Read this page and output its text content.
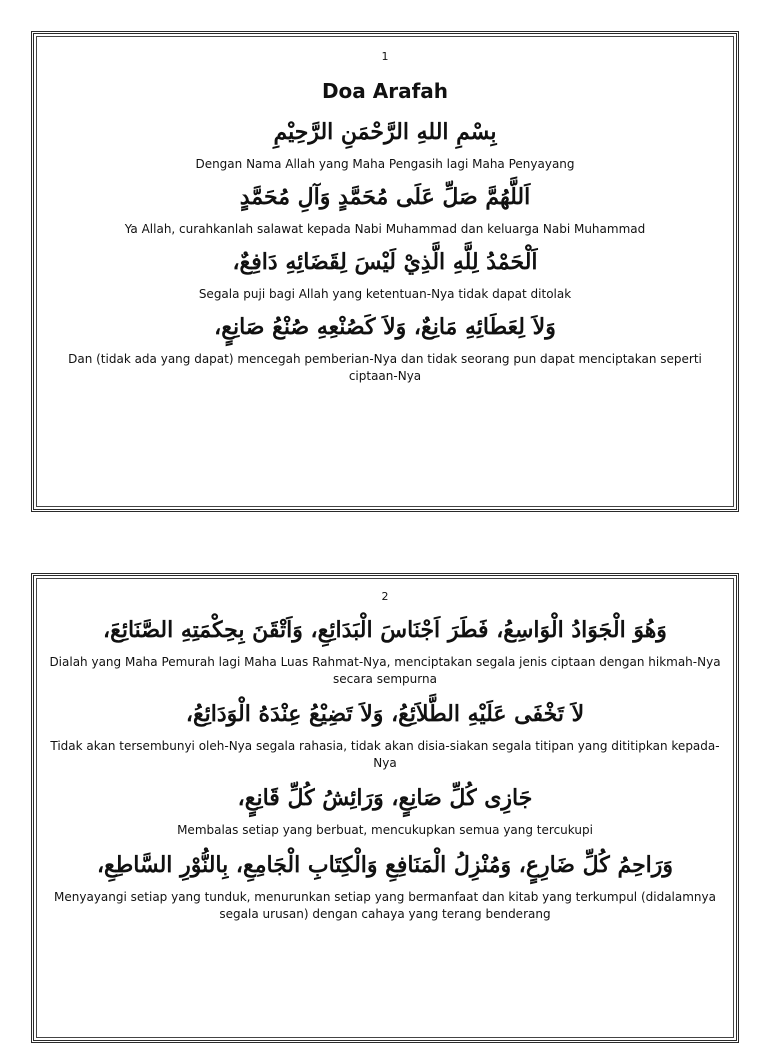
1
Doa Arafah

بِسْمِ اللهِ الرَّحْمَنِ الرَّحِيْمِ

Dengan Nama Allah yang Maha Pengasih lagi Maha Penyayang

اَللَّهُمَّ صَلِّ عَلَى مُحَمَّدٍ وَآلِ مُحَمَّدٍ

Ya Allah, curahkanlah salawat kepada Nabi Muhammad dan keluarga Nabi Muhammad

اَلْحَمْدُ لِلَّهِ الَّذِيْ لَيْسَ لِقَضَائِهِ دَافِعٌ،

Segala puji bagi Allah yang ketentuan-Nya tidak dapat ditolak

وَلاَ لِعَطَائِهِ مَانِعٌ، وَلاَ كَصُنْعِهِ صُنْعُ صَانِعٍ،

Dan (tidak ada yang dapat) mencegah pemberian-Nya dan tidak seorang pun dapat menciptakan seperti ciptaan-Nya

2

وَهُوَ الْجَوَادُ الْوَاسِعُ، فَطَرَ اَجْنَاسَ الْبَدَائِعِ، وَاَتْقَنَ بِحِكْمَتِهِ الصَّنَائِعَ،

Dialah yang Maha Pemurah lagi Maha Luas Rahmat-Nya, menciptakan segala jenis ciptaan dengan hikmah-Nya secara sempurna

لاَ تَخْفَى عَلَيْهِ الطَّلاَئِعُ، وَلاَ تَضِيْعُ عِنْدَهُ الْوَدَائِعُ،

Tidak akan tersembunyi oleh-Nya segala rahasia, tidak akan disia-siakan segala titipan yang dititipkan kepada-Nya

جَازِى كُلِّ صَانِعٍ، وَرَائِشُ كُلِّ قَانِعٍ،

Membalas setiap yang berbuat, mencukupkan semua yang tercukupi

وَرَاحِمُ كُلِّ ضَارِعٍ، وَمُنْزِلُ الْمَنَافِعِ وَالْكِتَابِ الْجَامِعِ، بِالنُّوْرِ السَّاطِعِ،

Menyayangi setiap yang tunduk, menurunkan setiap yang bermanfaat dan kitab yang terkumpul (didalamnya segala urusan) dengan cahaya yang terang benderang
